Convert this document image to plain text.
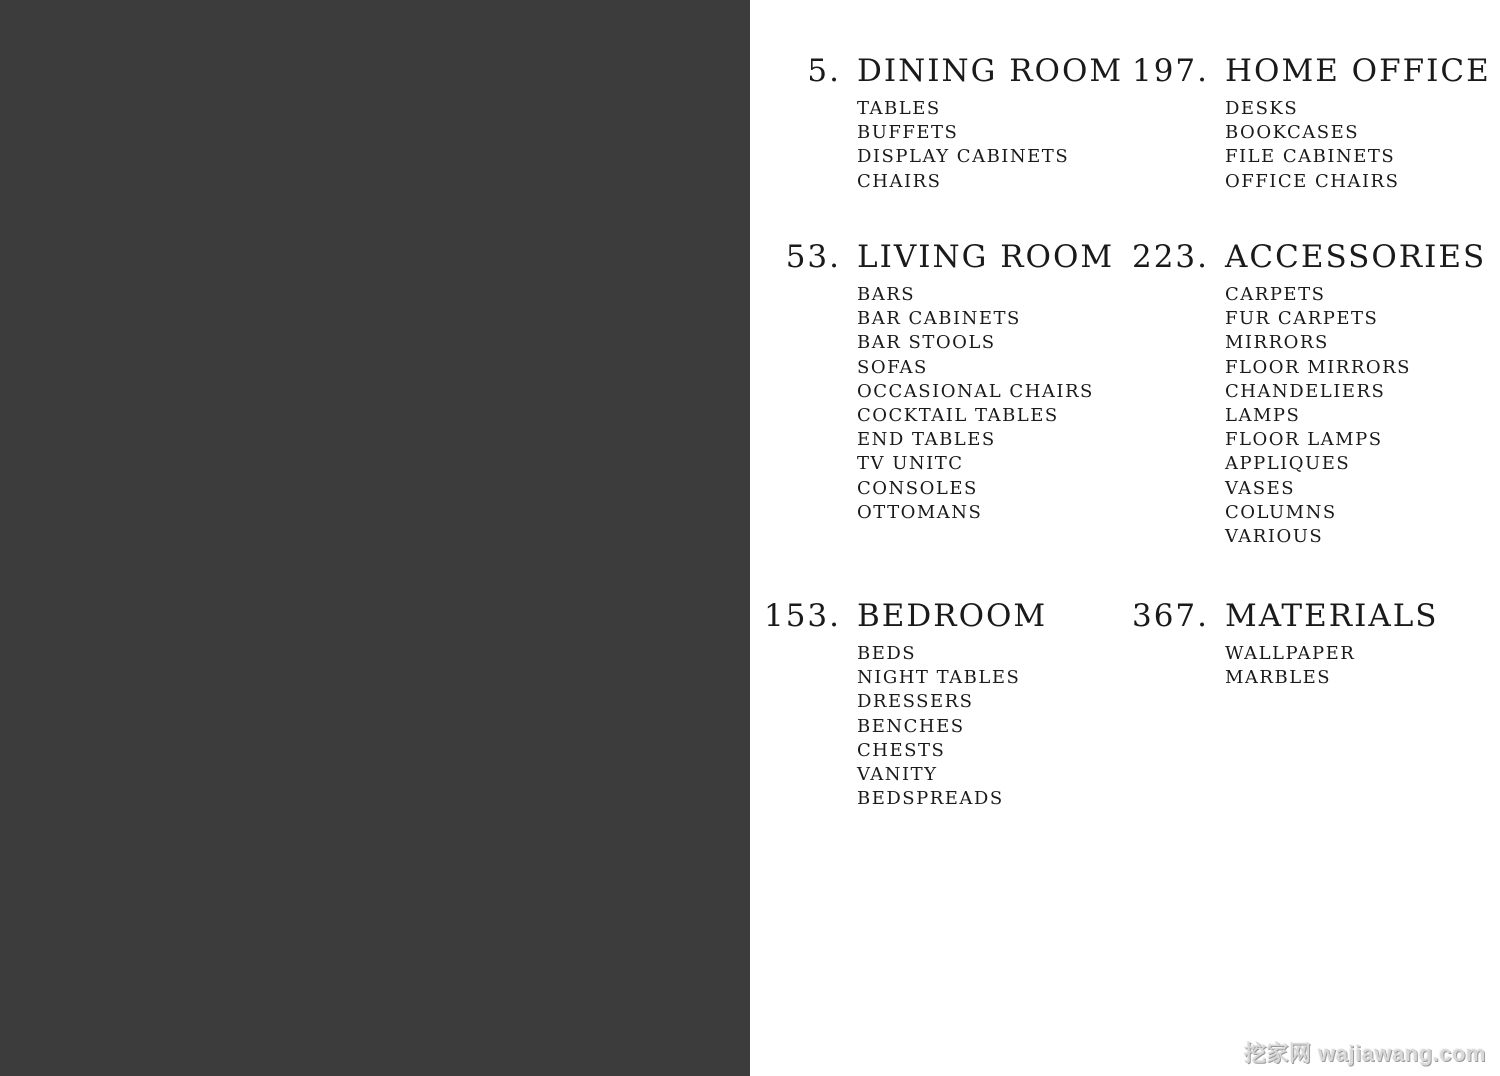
5. DINING ROOM
TABLES
BUFFETS
DISPLAY CABINETS
CHAIRS
197. HOME OFFICE
DESKS
BOOKCASES
FILE CABINETS
OFFICE CHAIRS
53. LIVING ROOM
BARS
BAR CABINETS
BAR STOOLS
SOFAS
OCCASIONAL CHAIRS
COCKTAIL TABLES
END TABLES
TV UNITC
CONSOLES
OTTOMANS
223. ACCESSORIES
CARPETS
FUR CARPETS
MIRRORS
FLOOR MIRRORS
CHANDELIERS
LAMPS
FLOOR LAMPS
APPLIQUES
VASES
COLUMNS
VARIOUS
153. BEDROOM
BEDS
NIGHT TABLES
DRESSERS
BENCHES
CHESTS
VANITY
BEDSPREADS
367. MATERIALS
WALLPAPER
MARBLES
挖家网 wajiawang.com
